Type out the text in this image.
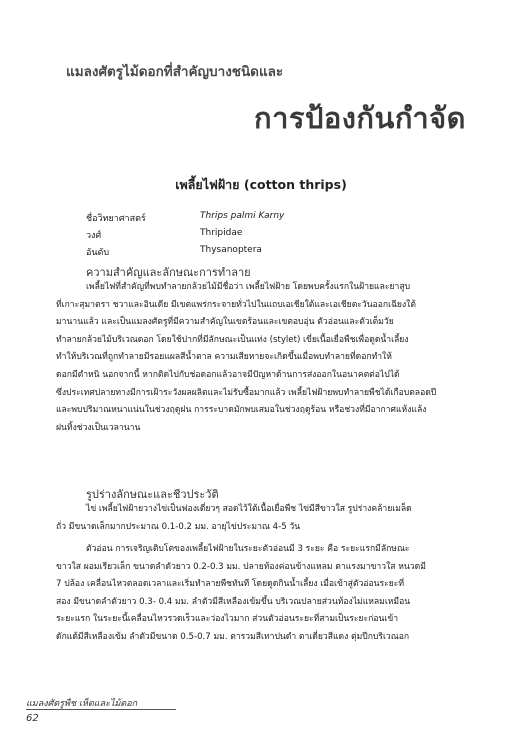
แมลงศัตรูไม้ดอกที่สำคัญบางชนิดและ
การป้องกันกำจัด
เพลี้ยไฟฝ้าย (cotton thrips)
ชื่อวิทยาศาสตร์	Thrips palmi Karny
วงศ์	Thripidae
อันดับ	Thysanoptera
ความสำคัญและลักษณะการทำลาย
เพลี้ยไฟที่สำคัญที่พบทำลายกล้วยไม้มีชื่อว่า เพลี้ยไฟฝ้าย โดยพบครั้งแรกในฝ้ายและยาสูบ
ที่เกาะสุมาตรา ชวาและอินเดีย มีเขตแพร่กระจายทั่วไปในแถบเอเชียใต้และเอเชียตะวันออกเฉียงใต้
มานานแล้ว และเป็นแมลงศัตรูที่มีความสำคัญในเขตร้อนและเขตอบอุ่น ตัวอ่อนและตัวเต็มวัย
ทำลายกล้วยไม้บริเวณดอก โดยใช้ปากที่มีลักษณะเป็นแท่ง (stylet) เขี่ยเนื้อเยื่อพืชเพื่อดูดน้ำเลี้ยง
ทำให้บริเวณที่ถูกทำลายมีรอยแผลสีน้ำตาล ความเสียหายจะเกิดขึ้นเมื่อพบทำลายที่ดอกทำให้
ดอกมีตำหนิ นอกจากนี้ หากติดไปกับช่อดอกแล้วอาจมีปัญหาด้านการส่งออกในอนาคตต่อไปได้
ซึ่งประเทศปลายทางมีการเฝ้าระวังผลผลิตและไม่รับซื้อมากแล้ว เพลี้ยไฟฝ้ายพบทำลายพืชได้เกือบตลอดปี
และพบปริมาณหนาแน่นในช่วงฤดูฝน การระบาดมักพบเสมอในช่วงฤดูร้อน หรือช่วงที่มีอากาศแห้งแล้ง
ฝนทิ้งช่วงเป็นเวลานาน
รูปร่างลักษณะและชีวประวัติ
ไข่ เพลี้ยไฟฝ้ายวางไข่เป็นฟองเดี่ยวๆ สอดไว้ใต้เนื้อเยื่อพืช ไข่มีสีขาวใส รูปร่างคล้ายเมล็ด
ถั่ว มีขนาดเล็กมากประมาณ 0.1-0.2 มม. อายุไข่ประมาณ 4-5 วัน
ตัวอ่อน การเจริญเติบโตของเพลี้ยไฟฝ้ายในระยะตัวอ่อนมี 3 ระยะ คือ ระยะแรกมีลักษณะ
ขาวใส ผอมเรียวเล็ก ขนาดลำตัวยาว 0.2-0.3 มม. ปลายท้องค่อนข้างแหลม ตาแรงมาขาวใส หนวดมี
7 ปล้อง เคลื่อนไหวตลอดเวลาและเริ่มทำลายพืชทันที โดยดูดกินน้ำเลี้ยง เมื่อเข้าสู่ตัวอ่อนระยะที่
สอง มีขนาดลำตัวยาว 0.3- 0.4 มม. ลำตัวมีสีเหลืองเข้มขึ้น บริเวณปลายส่วนท้องไม่แหลมเหมือน
ระยะแรก ในระยะนี้เคลื่อนไหวรวดเร็วและว่องไวมาก ส่วนตัวอ่อนระยะที่สามเป็นระยะก่อนเข้า
ดักแด้มีสีเหลืองเข้ม ลำตัวมีขนาด 0.5-0.7 มม. ตารวมสีเทาปนดำ ตาเดี่ยวสีแดง ตุ่มปีกบริเวณอก
แมลงศัตรูพืช เห็ดและไม้ดอก
62
